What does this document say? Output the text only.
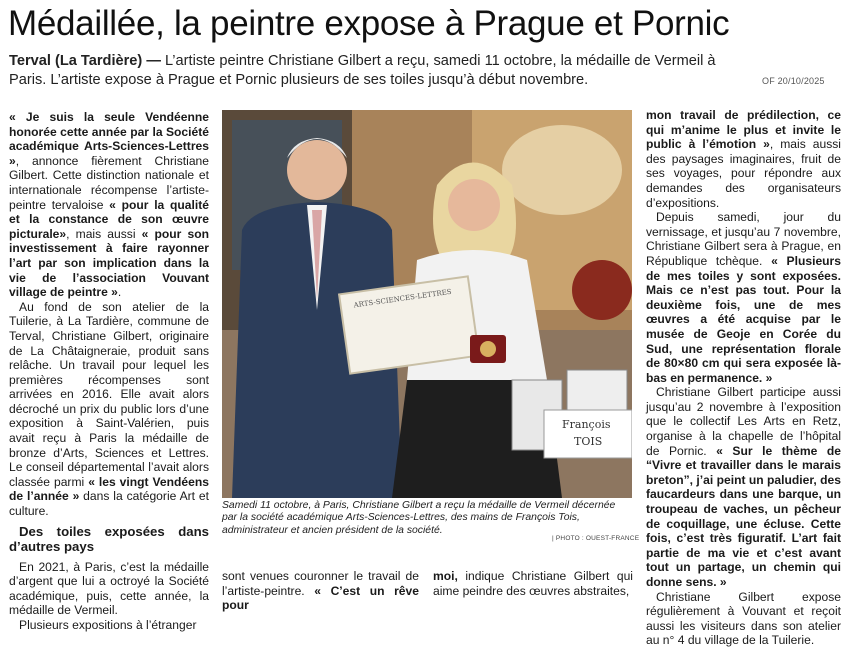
Médaillée, la peintre expose à Prague et Pornic
Terval (La Tardière) — L’artiste peintre Christiane Gilbert a reçu, samedi 11 octobre, la médaille de Vermeil à Paris. L’artiste expose à Prague et Pornic plusieurs de ses toiles jusqu’à début novembre.	OF 20/10/2025

« Je suis la seule Vendéenne honorée cette année par la Société académique Arts-Sciences-Lettres », annonce fièrement Christiane Gilbert. Cette distinction nationale et internationale récompense l’artiste-peintre tervaloise « pour la qualité et la constance de son œuvre picturale», mais aussi « pour son investissement à faire rayonner l’art par son implication dans la vie de l’association Vouvant village de peintre ».

Au fond de son atelier de la Tuilerie, à La Tardière, commune de Terval, Christiane Gilbert, originaire de La Châtaigneraie, produit sans relâche. Un travail pour lequel les premières récompenses sont arrivées en 2016. Elle avait alors décroché un prix du public lors d’une exposition à Saint-Valérien, puis avait reçu à Paris la médaille de bronze d’Arts, Sciences et Lettres. Le conseil départemental l’avait alors classée parmi « les vingt Vendéens de l’année » dans la catégorie Art et culture.

Des toiles exposées dans d’autres pays

En 2021, à Paris, c’est la médaille d’argent que lui a octroyé la Société académique, puis, cette année, la médaille de Vermeil.

Plusieurs expositions à l’étranger

ARTS-SCIENCES-LETTRES
François
TOIS
Samedi 11 octobre, à Paris, Christiane Gilbert a reçu la médaille de Vermeil décernée par la société académique Arts-Sciences-Lettres, des mains de François Tois, administrateur et ancien président de la société.
| PHOTO : OUEST-FRANCE

sont venues couronner le travail de l’artiste-peintre. « C’est un rêve pour

moi, indique Christiane Gilbert qui aime peindre des œuvres abstraites,

mon travail de prédilection, ce qui m’anime le plus et invite le public à l’émotion », mais aussi des paysages imaginaires, fruit de ses voyages, pour répondre aux demandes des organisateurs d’expositions.

Depuis samedi, jour du vernissage, et jusqu’au 7 novembre, Christiane Gilbert sera à Prague, en République tchèque. « Plusieurs de mes toiles y sont exposées. Mais ce n’est pas tout. Pour la deuxième fois, une de mes œuvres a été acquise par le musée de Geoje en Corée du Sud, une représentation florale de 80×80 cm qui sera exposée là-bas en permanence. »

Christiane Gilbert participe aussi jusqu’au 2 novembre à l’exposition que le collectif Les Arts en Retz, organise à la chapelle de l’hôpital de Pornic. « Sur le thème de “Vivre et travailler dans le marais breton”, j’ai peint un paludier, des faucardeurs dans une barque, un troupeau de vaches, un pêcheur de coquillage, une écluse. Cette fois, c’est très figuratif. L’art fait partie de ma vie et c’est avant tout un partage, un chemin qui donne sens. »

Christiane Gilbert expose régulièrement à Vouvant et reçoit aussi les visiteurs dans son atelier au n° 4 du village de la Tuilerie.
